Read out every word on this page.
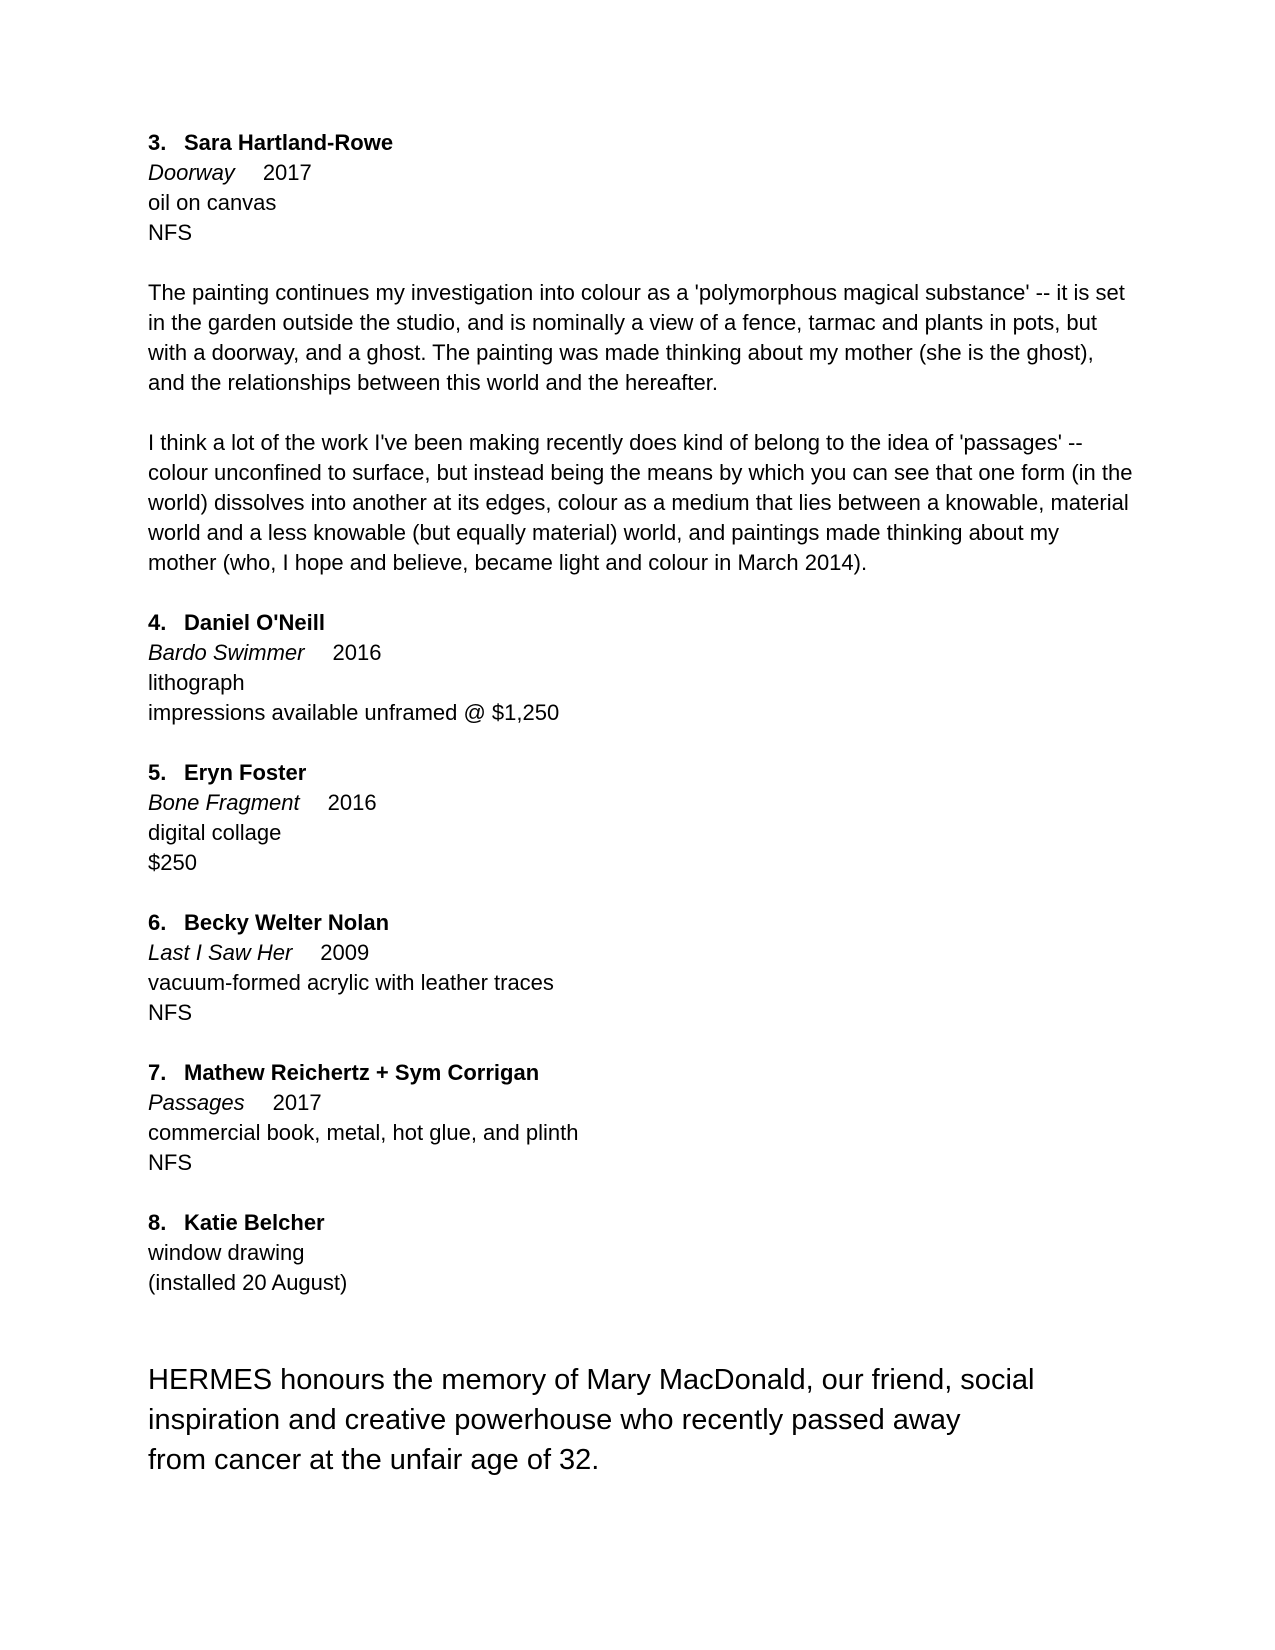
3. Sara Hartland-Rowe
Doorway 2017
oil on canvas
NFS
The painting continues my investigation into colour as a 'polymorphous magical substance' -- it is set in the garden outside the studio, and is nominally a view of a fence, tarmac and plants in pots, but with a doorway, and a ghost. The painting was made thinking about my mother (she is the ghost), and the relationships between this world and the hereafter.
I think a lot of the work I've been making recently does kind of belong to the idea of 'passages' -- colour unconfined to surface, but instead being the means by which you can see that one form (in the world) dissolves into another at its edges, colour as a medium that lies between a knowable, material world and a less knowable (but equally material) world, and paintings made thinking about my mother (who, I hope and believe, became light and colour in March 2014).
4. Daniel O'Neill
Bardo Swimmer 2016
lithograph
impressions available unframed @ $1,250
5. Eryn Foster
Bone Fragment 2016
digital collage
$250
6. Becky Welter Nolan
Last I Saw Her 2009
vacuum-formed acrylic with leather traces
NFS
7. Mathew Reichertz + Sym Corrigan
Passages 2017
commercial book, metal, hot glue, and plinth
NFS
8. Katie Belcher
window drawing
(installed 20 August)
HERMES honours the memory of Mary MacDonald, our friend, social
inspiration and creative powerhouse who recently passed away
from cancer at the unfair age of 32.
